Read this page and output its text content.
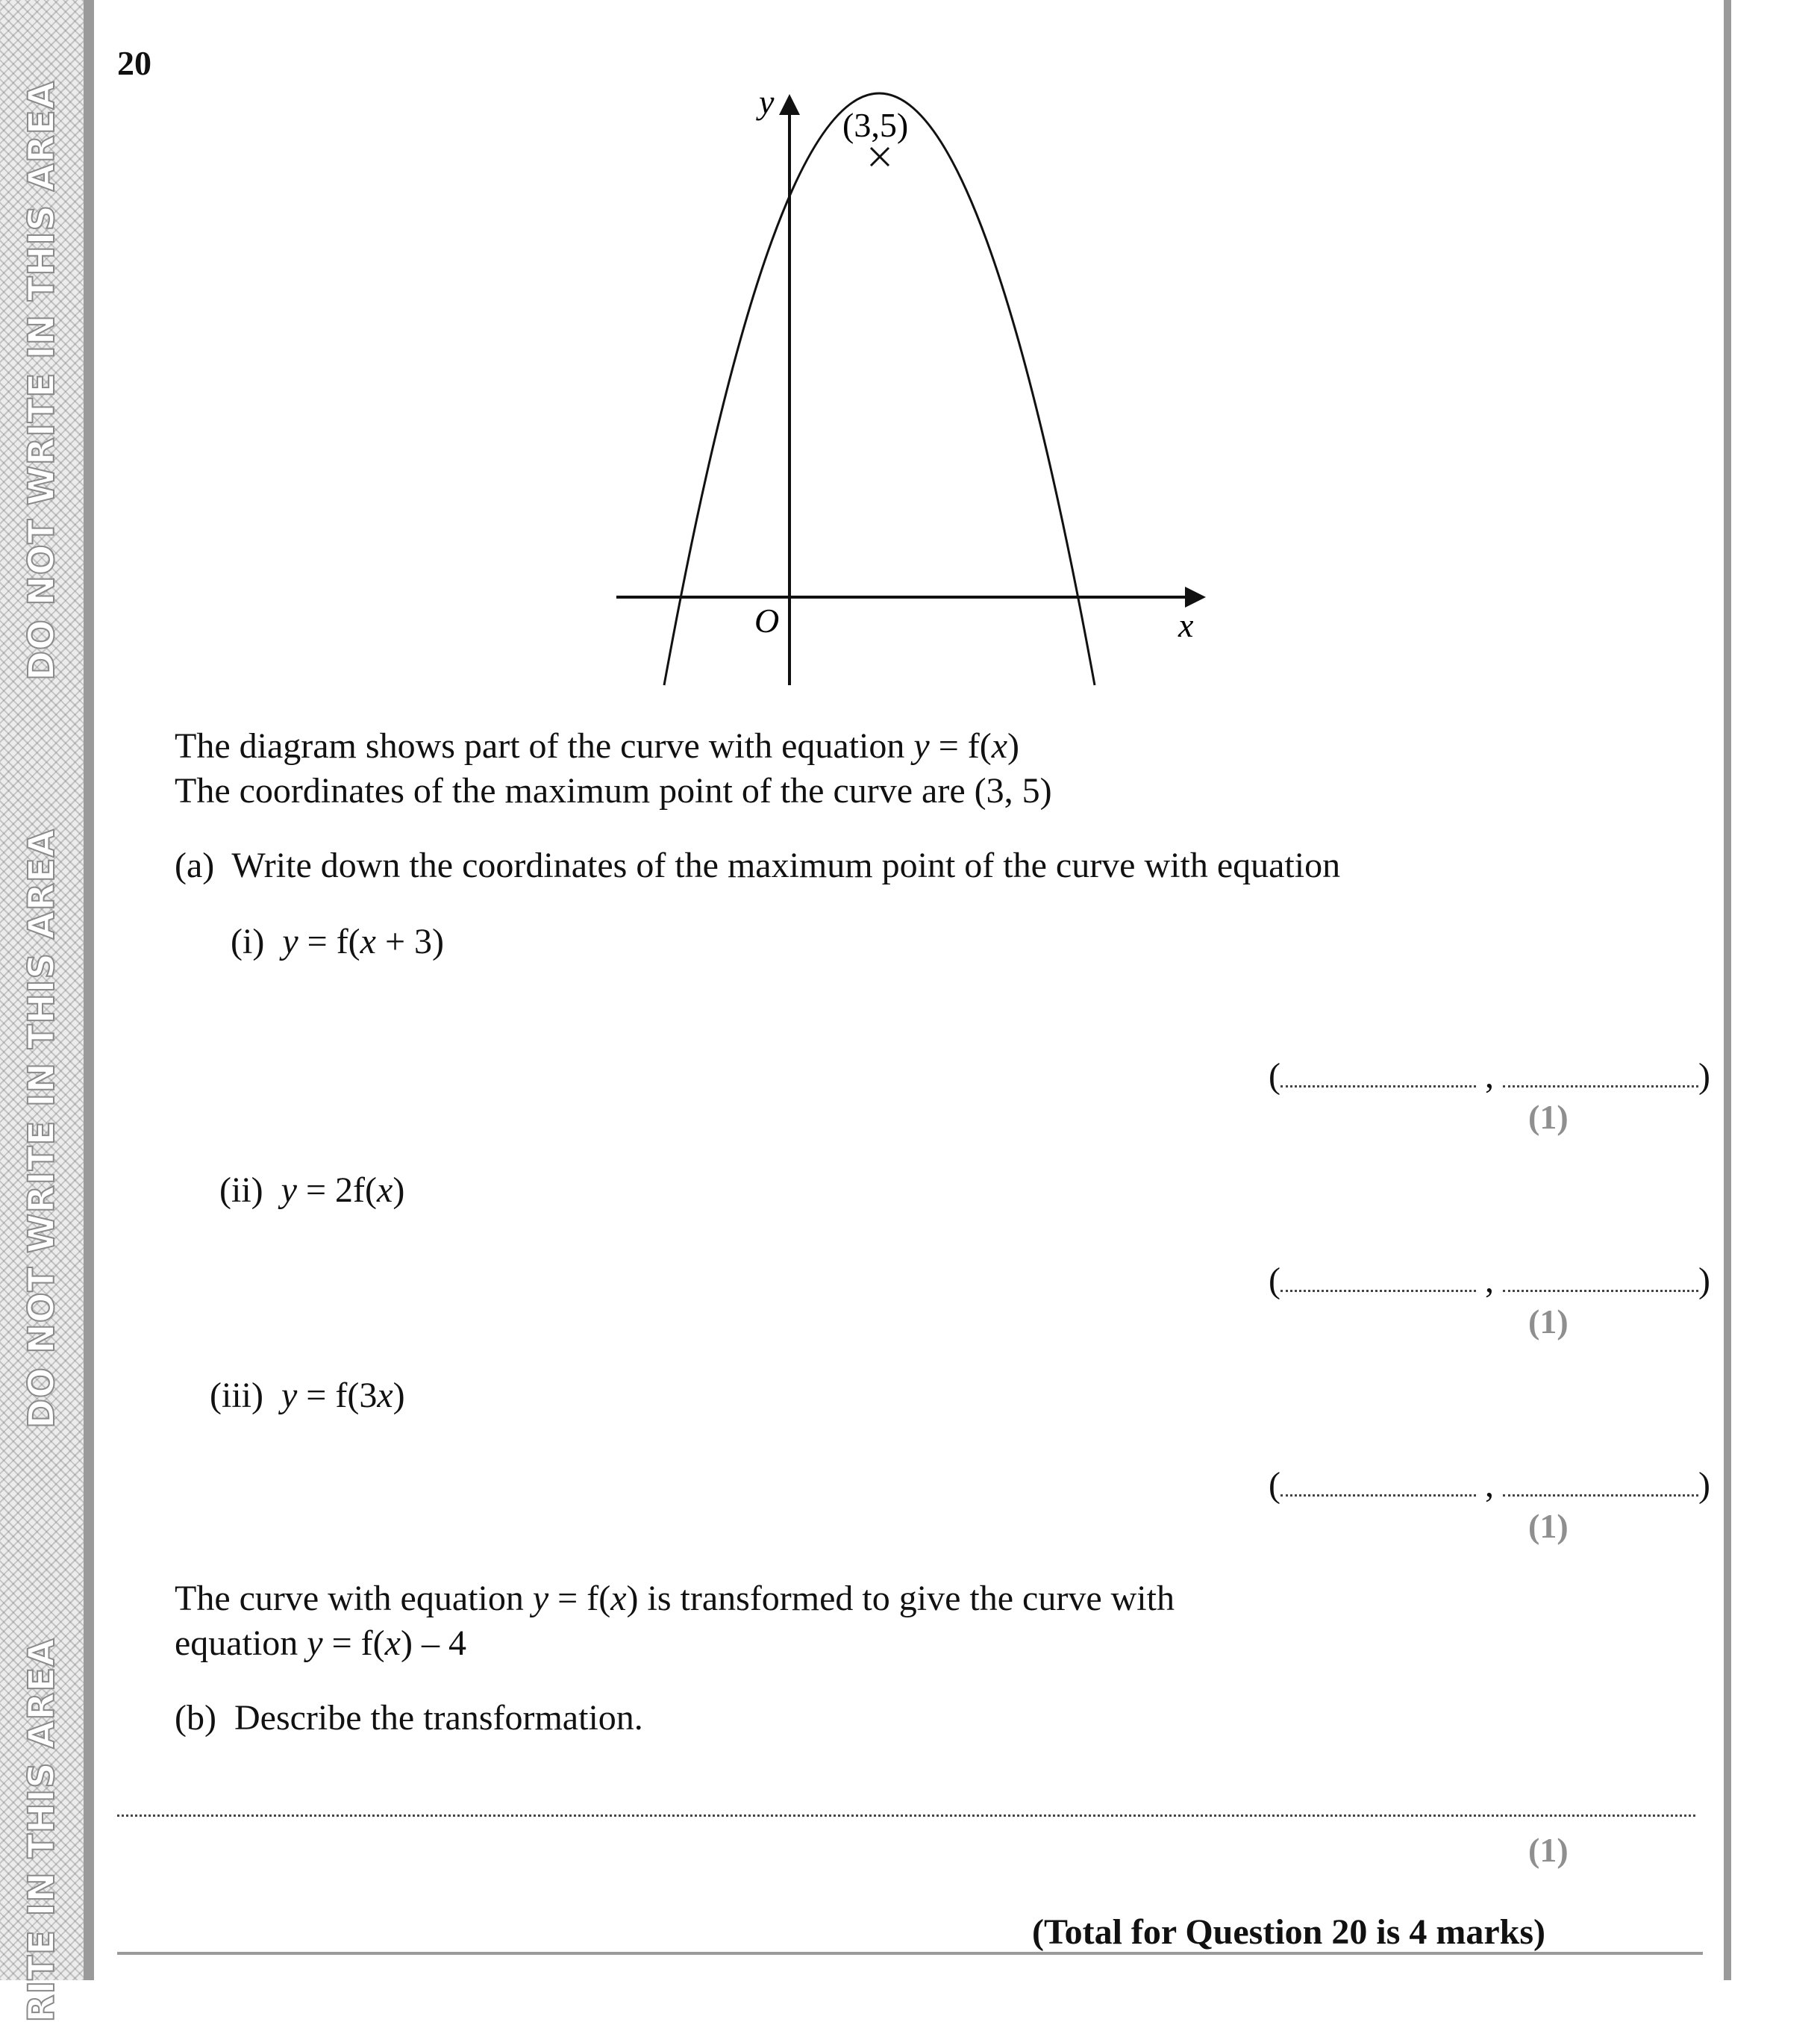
DO NOT WRITE IN THIS AREA
DO NOT WRITE IN THIS AREA
RITE IN THIS AREA
20
y
x
O
(3,5)
The diagram shows part of the curve with equation y = f(x)
The coordinates of the maximum point of the curve are (3, 5)
(a) Write down the coordinates of the maximum point of the curve with equation
(i) y = f(x + 3)
(	,	)
(1)
(ii) y = 2f(x)
(	,	)
(1)
(iii) y = f(3x)
(	,	)
(1)
The curve with equation y = f(x) is transformed to give the curve with
equation y = f(x) – 4
(b) Describe the transformation.
(1)
(Total for Question 20 is 4 marks)
